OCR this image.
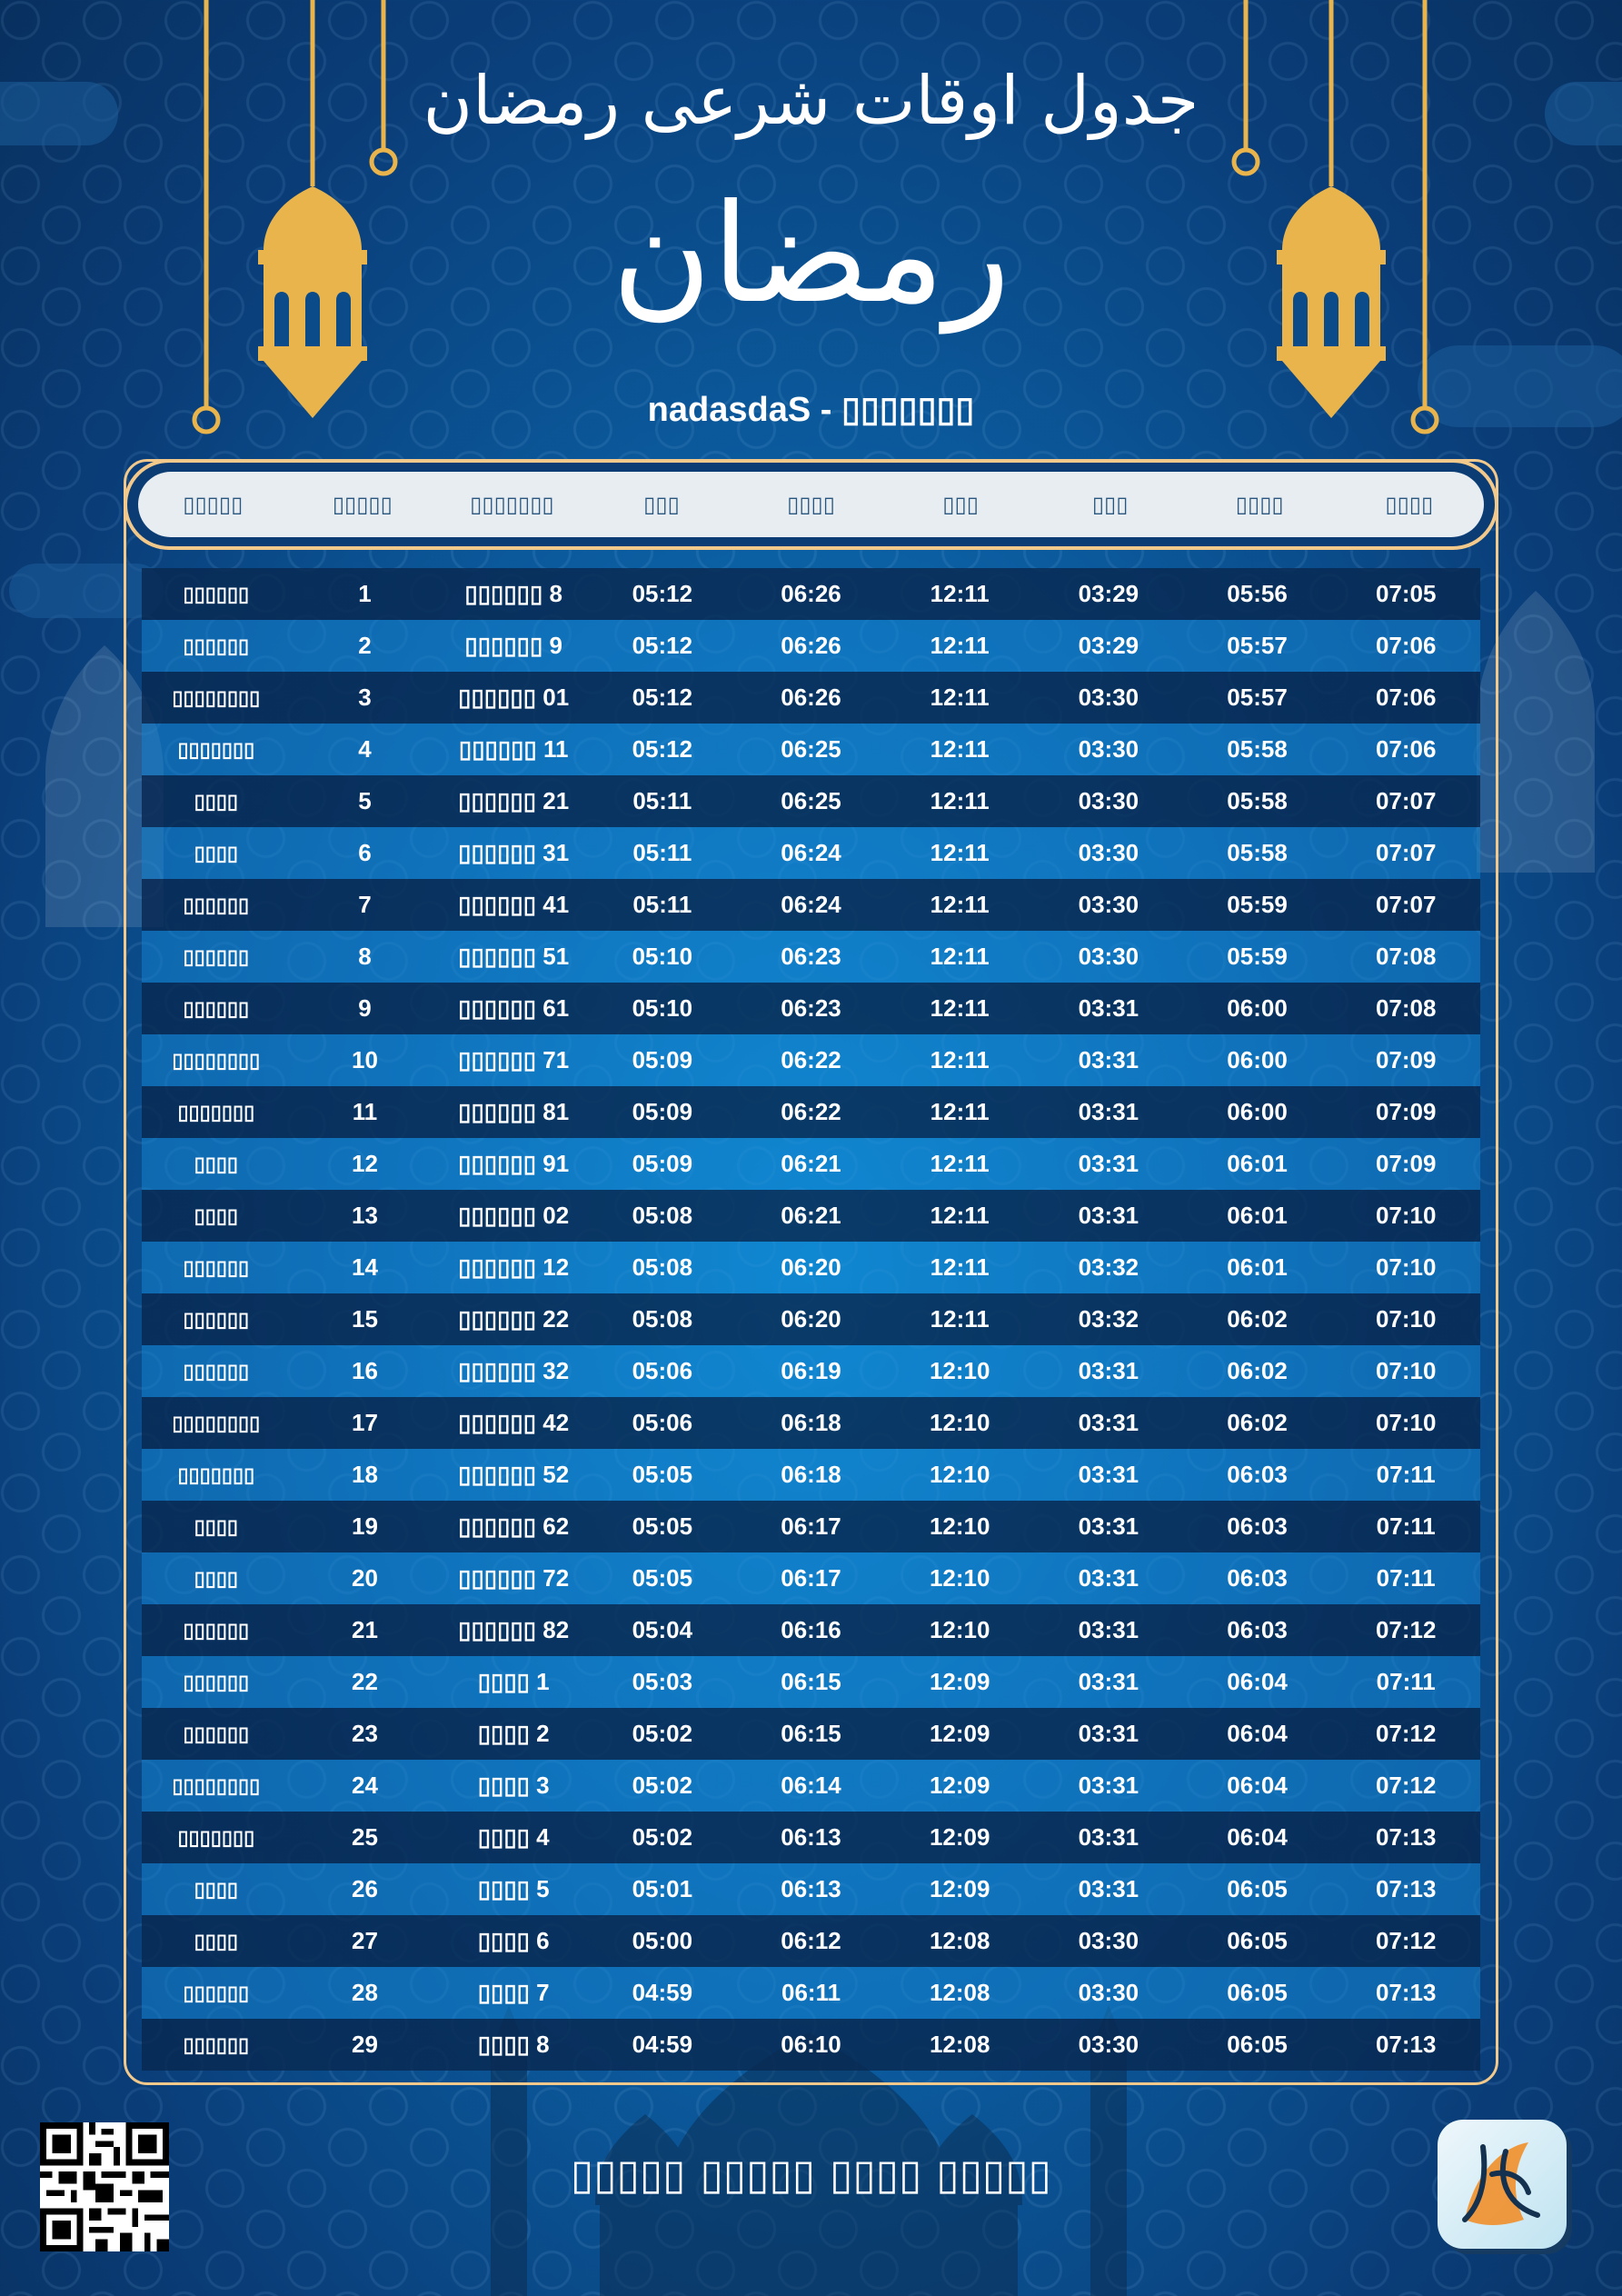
جدول اوقات شرعی رمضان
رمضان
nadasdaS - ▯▯▯▯▯▯▯
▯▯▯▯▯	▯▯▯▯▯	▯▯▯▯▯▯▯	▯▯▯	▯▯▯▯	▯▯▯	▯▯▯	▯▯▯▯	▯▯▯▯
▯▯▯▯▯▯	1	▯▯▯▯▯▯ 8	05:12	06:26	12:11	03:29	05:56	07:05
▯▯▯▯▯▯	2	▯▯▯▯▯▯ 9	05:12	06:26	12:11	03:29	05:57	07:06
▯▯▯▯▯▯▯▯	3	▯▯▯▯▯▯ 01	05:12	06:26	12:11	03:30	05:57	07:06
▯▯▯▯▯▯▯	4	▯▯▯▯▯▯ 11	05:12	06:25	12:11	03:30	05:58	07:06
▯▯▯▯	5	▯▯▯▯▯▯ 21	05:11	06:25	12:11	03:30	05:58	07:07
▯▯▯▯	6	▯▯▯▯▯▯ 31	05:11	06:24	12:11	03:30	05:58	07:07
▯▯▯▯▯▯	7	▯▯▯▯▯▯ 41	05:11	06:24	12:11	03:30	05:59	07:07
▯▯▯▯▯▯	8	▯▯▯▯▯▯ 51	05:10	06:23	12:11	03:30	05:59	07:08
▯▯▯▯▯▯	9	▯▯▯▯▯▯ 61	05:10	06:23	12:11	03:31	06:00	07:08
▯▯▯▯▯▯▯▯	10	▯▯▯▯▯▯ 71	05:09	06:22	12:11	03:31	06:00	07:09
▯▯▯▯▯▯▯	11	▯▯▯▯▯▯ 81	05:09	06:22	12:11	03:31	06:00	07:09
▯▯▯▯	12	▯▯▯▯▯▯ 91	05:09	06:21	12:11	03:31	06:01	07:09
▯▯▯▯	13	▯▯▯▯▯▯ 02	05:08	06:21	12:11	03:31	06:01	07:10
▯▯▯▯▯▯	14	▯▯▯▯▯▯ 12	05:08	06:20	12:11	03:32	06:01	07:10
▯▯▯▯▯▯	15	▯▯▯▯▯▯ 22	05:08	06:20	12:11	03:32	06:02	07:10
▯▯▯▯▯▯	16	▯▯▯▯▯▯ 32	05:06	06:19	12:10	03:31	06:02	07:10
▯▯▯▯▯▯▯▯	17	▯▯▯▯▯▯ 42	05:06	06:18	12:10	03:31	06:02	07:10
▯▯▯▯▯▯▯	18	▯▯▯▯▯▯ 52	05:05	06:18	12:10	03:31	06:03	07:11
▯▯▯▯	19	▯▯▯▯▯▯ 62	05:05	06:17	12:10	03:31	06:03	07:11
▯▯▯▯	20	▯▯▯▯▯▯ 72	05:05	06:17	12:10	03:31	06:03	07:11
▯▯▯▯▯▯	21	▯▯▯▯▯▯ 82	05:04	06:16	12:10	03:31	06:03	07:12
▯▯▯▯▯▯	22	▯▯▯▯ 1	05:03	06:15	12:09	03:31	06:04	07:11
▯▯▯▯▯▯	23	▯▯▯▯ 2	05:02	06:15	12:09	03:31	06:04	07:12
▯▯▯▯▯▯▯▯	24	▯▯▯▯ 3	05:02	06:14	12:09	03:31	06:04	07:12
▯▯▯▯▯▯▯	25	▯▯▯▯ 4	05:02	06:13	12:09	03:31	06:04	07:13
▯▯▯▯	26	▯▯▯▯ 5	05:01	06:13	12:09	03:31	06:05	07:13
▯▯▯▯	27	▯▯▯▯ 6	05:00	06:12	12:08	03:30	06:05	07:12
▯▯▯▯▯▯	28	▯▯▯▯ 7	04:59	06:11	12:08	03:30	06:05	07:13
▯▯▯▯▯▯	29	▯▯▯▯ 8	04:59	06:10	12:08	03:30	06:05	07:13
▯▯▯▯▯ ▯▯▯▯▯ ▯▯▯▯ ▯▯▯▯▯
